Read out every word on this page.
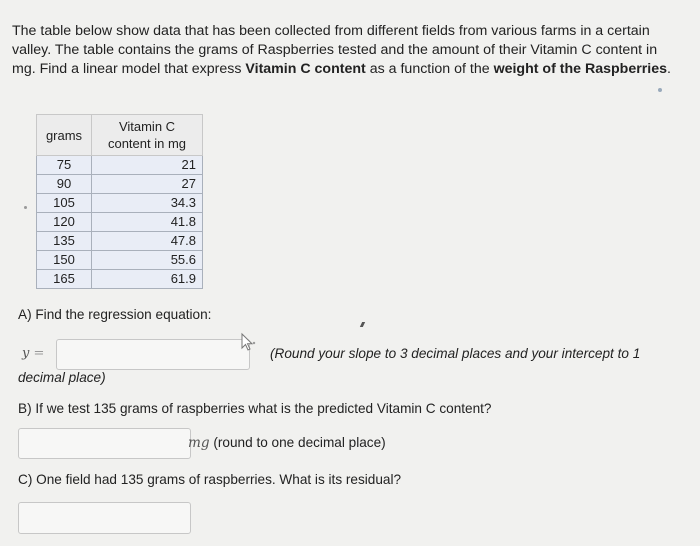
The table below show data that has been collected from different fields from various farms in a certain valley. The table contains the grams of Raspberries tested and the amount of their Vitamin C content in mg. Find a linear model that express Vitamin C content as a function of the weight of the Raspberries.

grams	Vitamin C
content in mg
75	21
90	27
105	34.3
120	41.8
135	47.8
150	55.6
165	61.9

A) Find the regression equation:

y =	(Round your slope to 3 decimal places and your intercept to 1
decimal place)

B) If we test 135 grams of raspberries what is the predicted Vitamin C content?

mg (round to one decimal place)

C) One field had 135 grams of raspberries. What is its residual?
